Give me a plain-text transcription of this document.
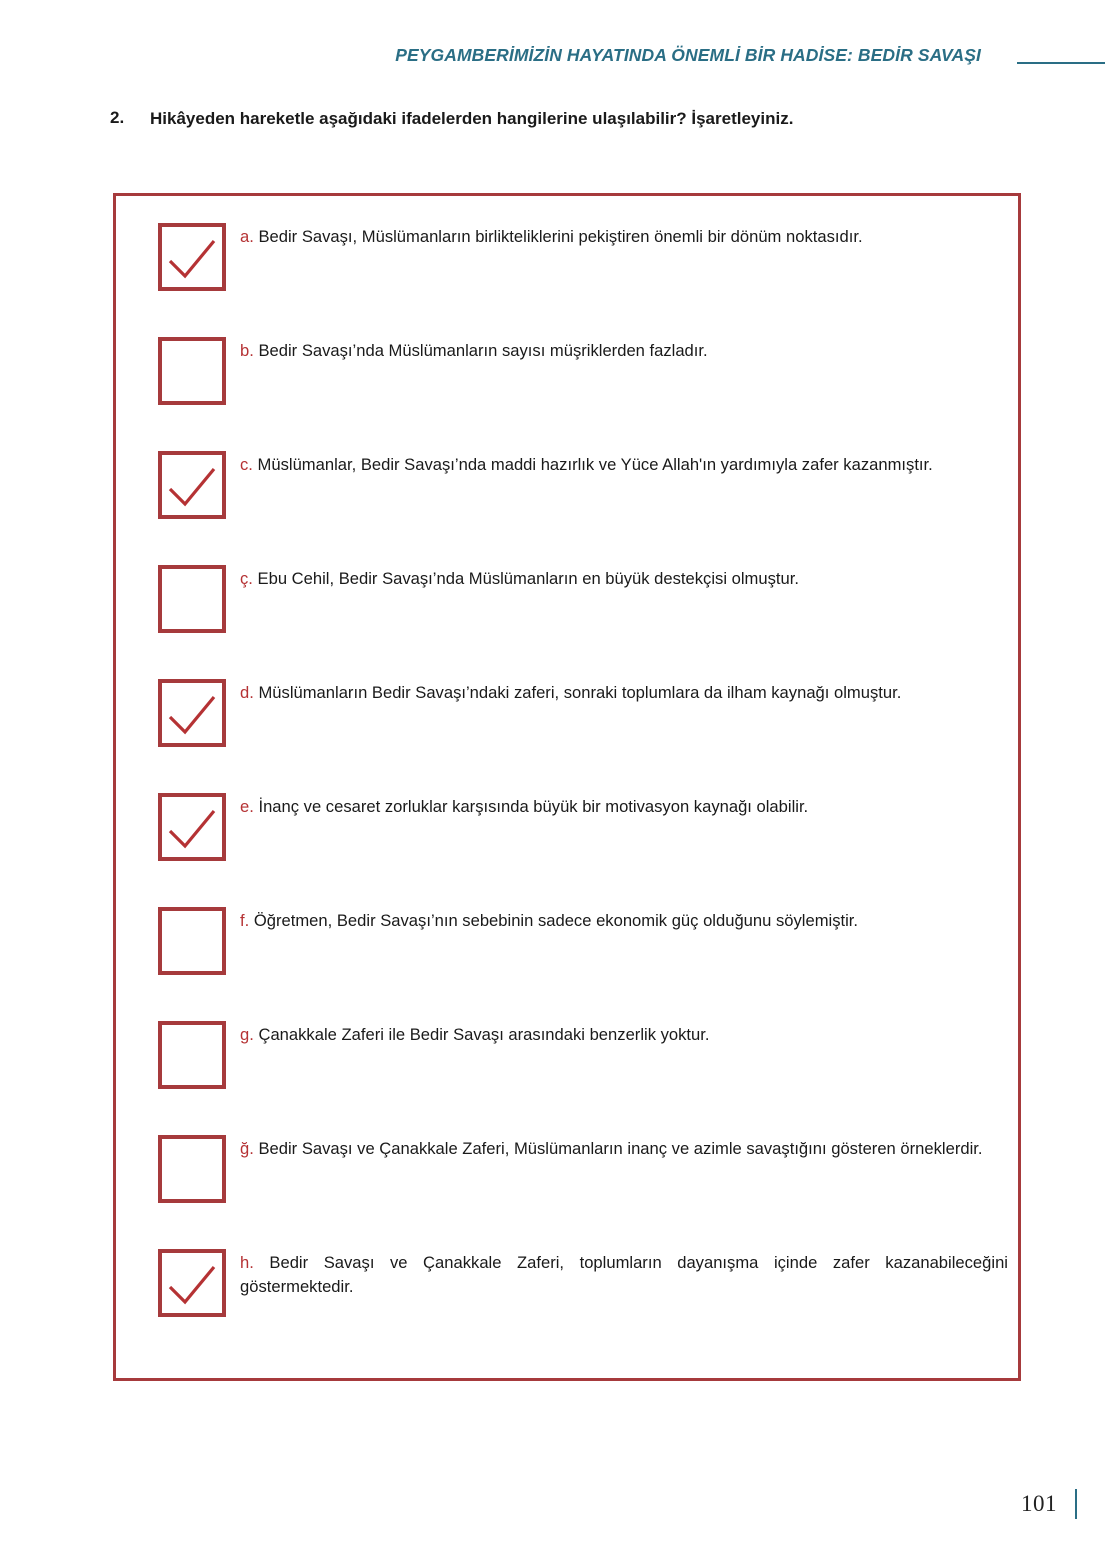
PEYGAMBERİMİZİN HAYATINDA ÖNEMLİ BİR HADİSE: BEDİR SAVAŞI
2.	Hikâyeden hareketle aşağıdaki ifadelerden hangilerine ulaşılabilir? İşaretleyiniz.
a. Bedir Savaşı, Müslümanların birlikteliklerini pekiştiren önemli bir dönüm noktasıdır.
b. Bedir Savaşı’nda Müslümanların sayısı müşriklerden fazladır.
c. Müslümanlar, Bedir Savaşı’nda maddi hazırlık ve Yüce Allah'ın yardımıyla zafer kazanmıştır.
ç. Ebu Cehil, Bedir Savaşı’nda Müslümanların en büyük destekçisi olmuştur.
d. Müslümanların Bedir Savaşı’ndaki zaferi, sonraki toplumlara da ilham kaynağı olmuştur.
e. İnanç ve cesaret zorluklar karşısında büyük bir motivasyon kaynağı olabilir.
f. Öğretmen, Bedir Savaşı’nın sebebinin sadece ekonomik güç olduğunu söylemiştir.
g. Çanakkale Zaferi ile Bedir Savaşı arasındaki benzerlik yoktur.
ğ. Bedir Savaşı ve Çanakkale Zaferi, Müslümanların inanç ve azimle savaştığını gösteren örneklerdir.
h. Bedir Savaşı ve Çanakkale Zaferi, toplumların dayanışma içinde zafer kazanabileceğini göstermektedir.
101
